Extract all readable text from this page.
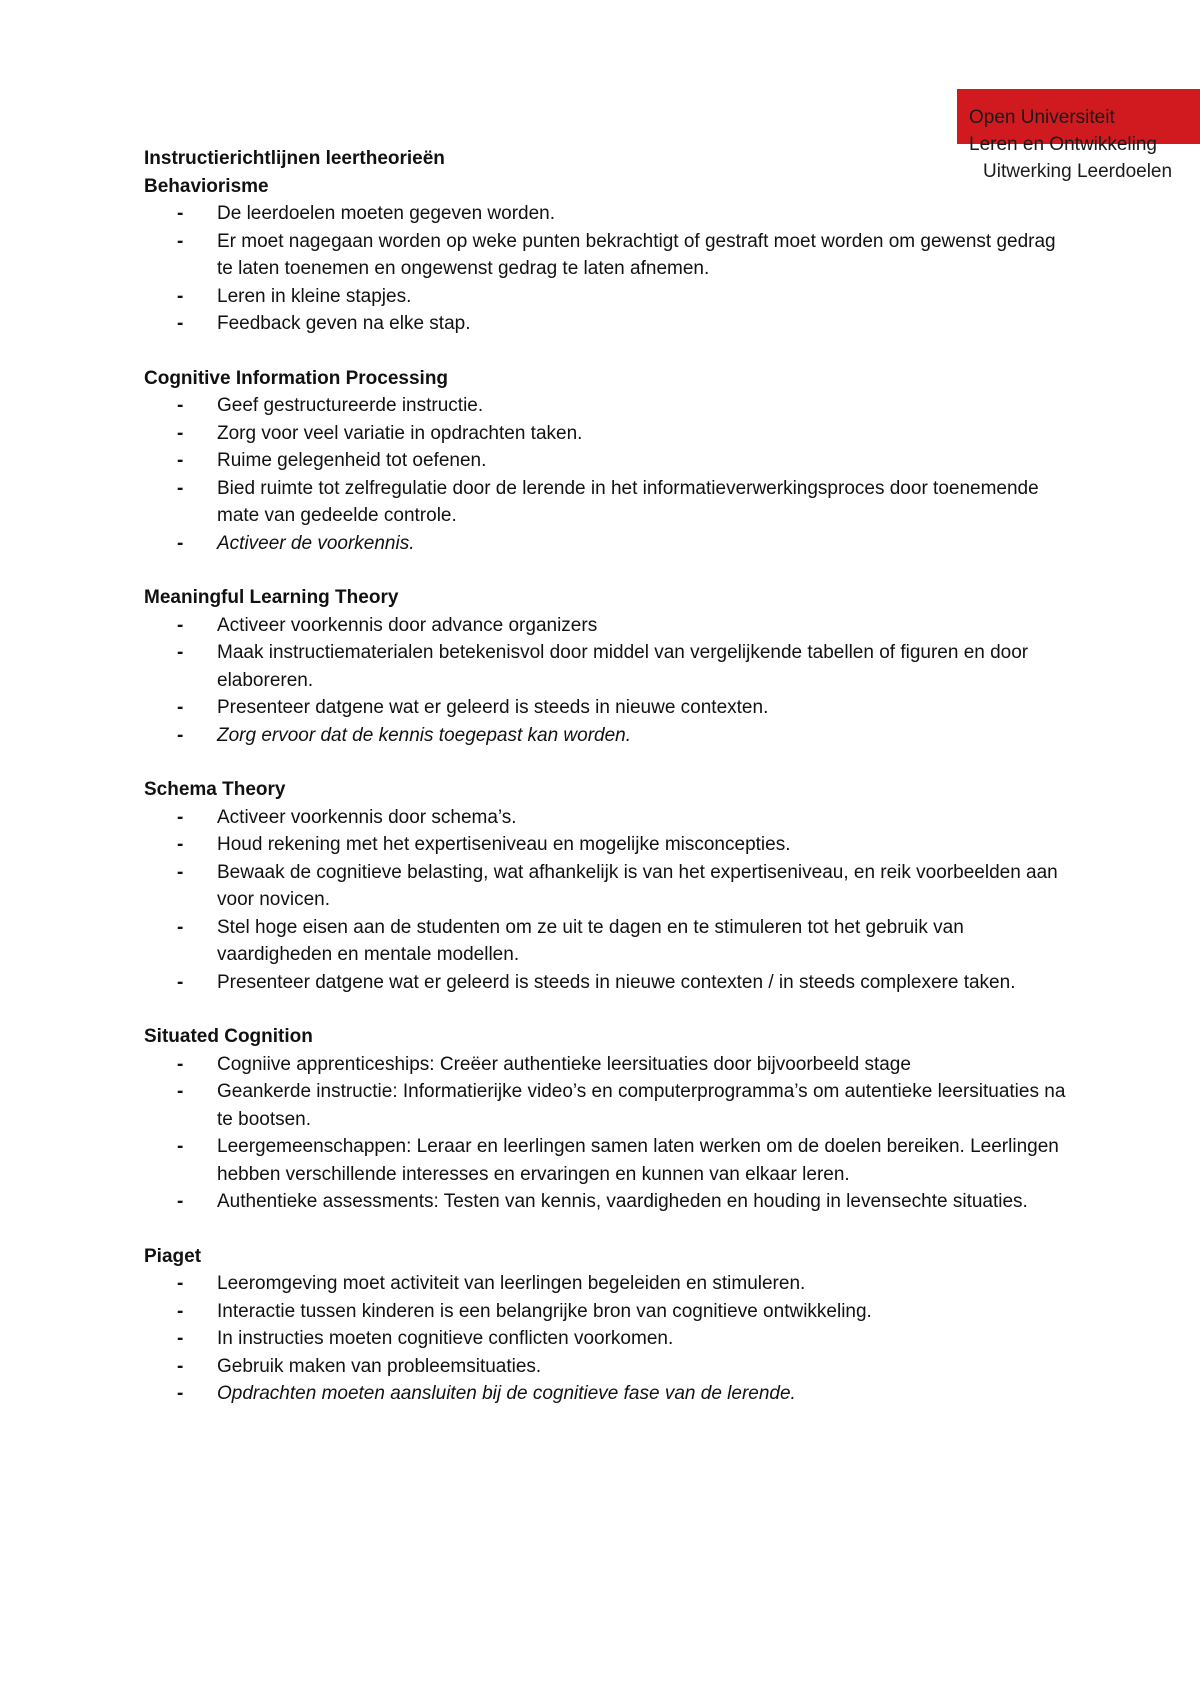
Open Universiteit
Leren en Ontwikkeling
Uitwerking Leerdoelen
Instructierichtlijnen leertheorieën
Behaviorisme
- De leerdoelen moeten gegeven worden.
- Er moet nagegaan worden op weke punten bekrachtigt of gestraft moet worden om gewenst gedrag te laten toenemen en ongewenst gedrag te laten afnemen.
- Leren in kleine stapjes.
- Feedback geven na elke stap.
Cognitive Information Processing
- Geef gestructureerde instructie.
- Zorg voor veel variatie in opdrachten taken.
- Ruime gelegenheid tot oefenen.
- Bied ruimte tot zelfregulatie door de lerende in het informatieverwerkingsproces door toenemende mate van gedeelde controle.
- Activeer de voorkennis.
Meaningful Learning Theory
- Activeer voorkennis door advance organizers
- Maak instructiematerialen betekenisvol door middel van vergelijkende tabellen of figuren en door elaboreren.
- Presenteer datgene wat er geleerd is steeds in nieuwe contexten.
- Zorg ervoor dat de kennis toegepast kan worden.
Schema Theory
- Activeer voorkennis door schema’s.
- Houd rekening met het expertiseniveau en mogelijke misconcepties.
- Bewaak de cognitieve belasting, wat afhankelijk is van het expertiseniveau, en reik voorbeelden aan voor novicen.
- Stel hoge eisen aan de studenten om ze uit te dagen en te stimuleren tot het gebruik van vaardigheden en mentale modellen.
- Presenteer datgene wat er geleerd is steeds in nieuwe contexten / in steeds complexere taken.
Situated Cognition
- Cogniive apprenticeships: Creëer authentieke leersituaties door bijvoorbeeld stage
- Geankerde instructie: Informatierijke video’s en computerprogramma’s om autentieke leersituaties na te bootsen.
- Leergemeenschappen: Leraar en leerlingen samen laten werken om de doelen bereiken. Leerlingen hebben verschillende interesses en ervaringen en kunnen van elkaar leren.
- Authentieke assessments: Testen van kennis, vaardigheden en houding in levensechte situaties.
Piaget
- Leeromgeving moet activiteit van leerlingen begeleiden en stimuleren.
- Interactie tussen kinderen is een belangrijke bron van cognitieve ontwikkeling.
- In instructies moeten cognitieve conflicten voorkomen.
- Gebruik maken van probleemsituaties.
- Opdrachten moeten aansluiten bij de cognitieve fase van de lerende.
